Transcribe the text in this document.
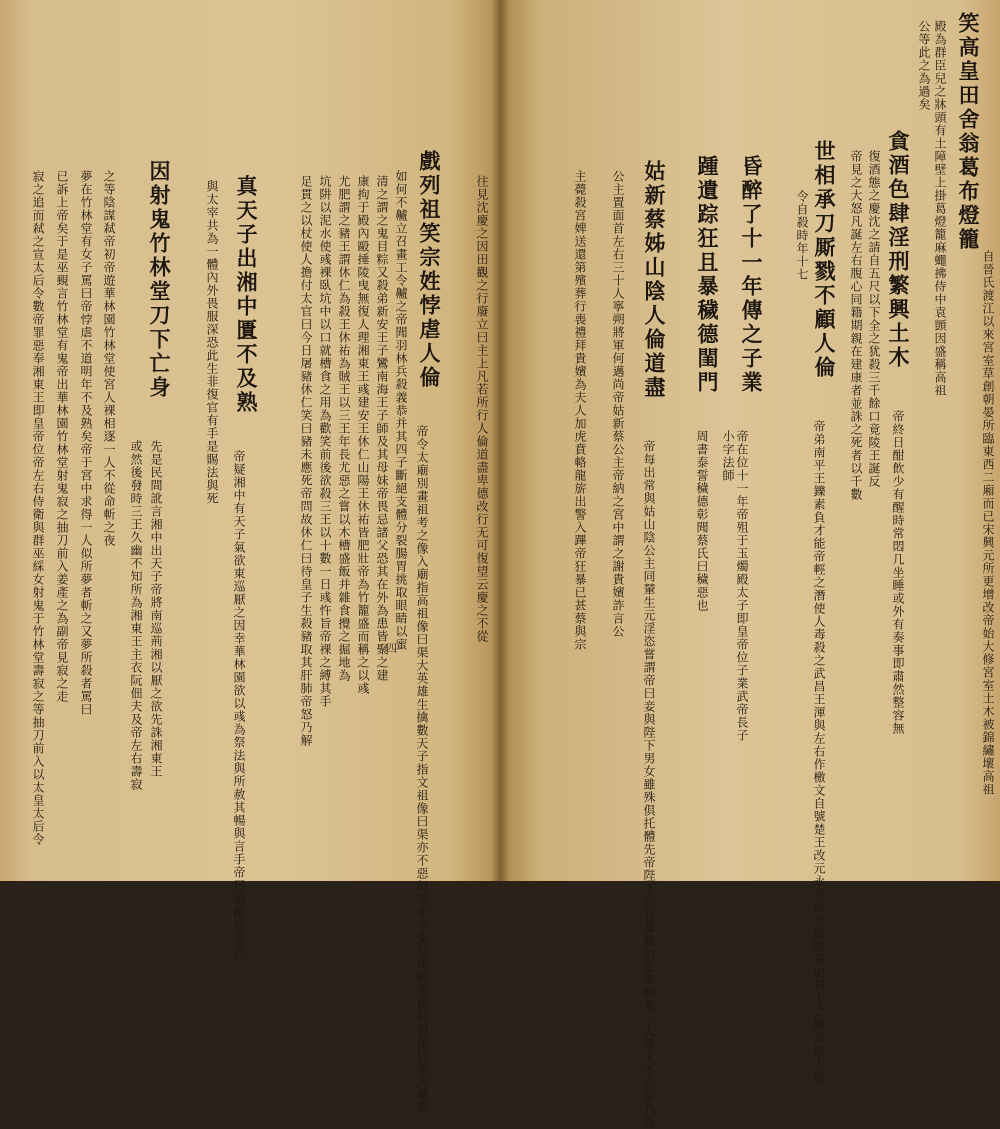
笑高皇田舍翁葛布燈籠
自晉氏渡江以來宮室草創朝晏所臨東西二廂而已宋興元所更增改帝始大修宮室土木被錦繡壞高祖
殿為群臣兒之牀頭有土障壁上掛葛燈籠麻蠅拂侍中袁顗因盛稱高祖
公等此之為過矣
貪酒色肆淫刑繁興土木
帝終日酣飲少有醒時常悶几坐睡或外有奏事即肅然整容無
復酒態之慶沈之請自五尺以下全之犹殺三千餘口竟陵王誕反
帝見之大怒凡誕左右腹心同籍期親在建康者並誅之死者以千數
世相承刀厮戮不顧人倫
帝弟南平王鑠素負才能帝輕之潛使人毒殺之武昌王渾與左右作檄文自號楚王改元永光以為戲咲長史封上之廢為庶人逼
令自殺時年十七
昏醉了十一年傳之子業
帝在位十一年帝殂于玉燭殿太子即皇帝位子業武帝長子
小字法師
踵遺踪狂且暴穢德閨門
周書泰誓穢德彰聞蔡氏曰穢惡也
姑新蔡姊山陰人倫道盡
帝每出常與姑山陰公主同輦生元淫恣嘗謂帝曰妾與陛下男女雖殊俱托體先帝陛下六宮萬數而妾惟駙馬一人事太不均帝乃為
公主置面首左右三十人寧朔將軍何邁尚帝姑新蔡公主帝納之宮中謂之謝貴嬪詐言公
主薨殺宮婢送還第殯葬行喪禮拜貴嬪為夫人加虎賁輅龍旂出警入蹕帝狂暴已甚蔡與宗
往見沈慶之因田觀之行廢立曰主上凡若所行人倫道盡卑德改行无可復望云慶之不從
戲列祖笑宗姓悖虐人倫
帝令太廟別畫祖考之像入廟指高祖像曰渠大英雄生擒數天子指文祖像曰渠亦不惡但末年不免兒所斫頭指世祖像曰渠大齇鼻
如何不齇立召畫工令齇之帝聞羽林兵殺義恭并其四子斷絕支體分裂腸胃挑取眼睛以蜜
清之謂之鬼目粽又殺弟新安王子鸞南海王子師及其母妹帝畏忌諸父恐其在外為患皆聚之建
康拘于殿內毆捶陵曳無復人理湘東王彧建安王休仁山陽王休祐皆肥壯帝為竹籠盛而稱之以彧
尤肥謂之豬王謂休仁為殺王休祐為賊王以三王年長尤惡之嘗以木槽盛飯并雜食攪之掘地為
坑阱以泥水使彧裸臥坑中以口就槽食之用為歡笑前後欲殺三王以十數一日彧忤旨帝裸之縛其手
足貫之以杖使人擔付太官曰今日屠豬休仁笑曰豬未應死帝問故休仁曰待皇子生殺豬取其肝肺帝怒乃解
真天子出湘中匱不及熟
帝疑湘中有天子氣欲東巡厭之因幸華林園欲以彧為祭法與所赦其暢與言手帝曰道路皆言宮
與太宰共為一體內外畏服深恐此生非復官有手是賜法與死
因射鬼竹林堂刀下亡身
先是民間訛言湘中出天子帝將南巡荊湘以厭之欲先誅湘東王
或然後發時三王久幽不知所為湘東王主衣阮佃夫及帝左右壽寂
之等陰謀弒帝初帝遊華林園竹林堂使宮人裸相逐一人不從命斬之夜
夢在竹林堂有女子罵曰帝悖虐不道明年不及熟矣帝于宮中求得一人似所夢者斬之又夢所殺者罵曰
已訴上帝矣于是巫覡言竹林堂有鬼帝出華林園竹林堂射鬼寂之抽刀前入姜產之為副帝見寂之走
寂之追而弒之宣太后令數帝罪惡奉湘東王即皇帝位帝左右侍衛與群巫綵女射鬼于竹林堂壽寂之等抽刀前入以太皇太后令	四
